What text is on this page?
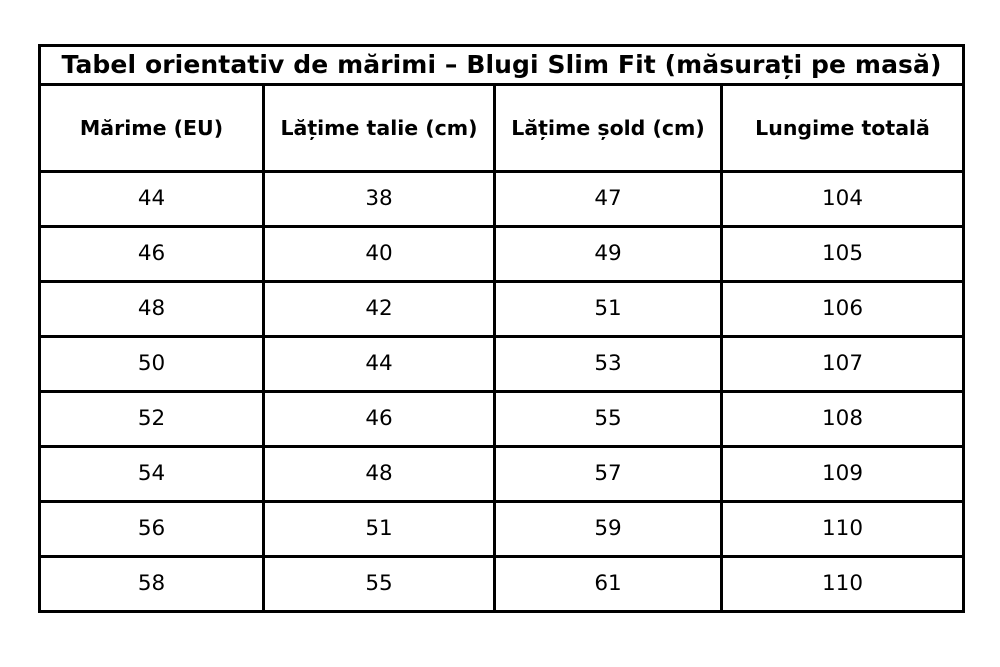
Tabel orientativ de mărimi – Blugi Slim Fit (măsurați pe masă)			
Mărime (EU)	Lățime talie (cm)	Lățime șold (cm)	Lungime totală
44	38	47	104
46	40	49	105
48	42	51	106
50	44	53	107
52	46	55	108
54	48	57	109
56	51	59	110
58	55	61	110
